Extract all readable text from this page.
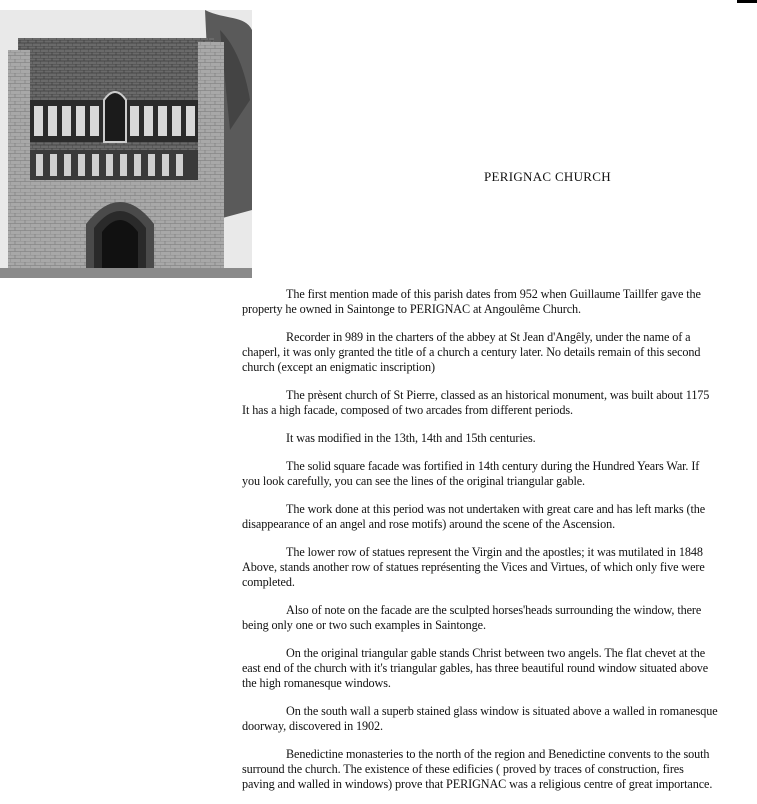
PERIGNAC CHURCH

The first mention made of this parish dates from 952 when Guillaume Taillfer gave the property he owned in Saintonge to PERIGNAC at Angoulême Church.

Recorder in 989 in the charters of the abbey at St Jean d'Angêly, under the name of a chaperl, it was only granted the title of a church a century later. No details remain of this second church (except an enigmatic inscription)

The prèsent church of St Pierre, classed as an historical monument, was built about 1175 It has a high facade, composed of two arcades from different periods.

It was modified in the 13th, 14th and 15th centuries.

The solid square facade was fortified in 14th century during the Hundred Years War. If you look carefully, you can see the lines of the original triangular gable.

The work done at this period was not undertaken with great care and has left marks (the disappearance of an angel and rose motifs) around the scene of the Ascension.

The lower row of statues represent the Virgin and the apostles; it was mutilated in 1848 Above, stands another row of statues représenting the Vices and Virtues, of which only five were completed.

Also of note on the facade are the sculpted horses'heads surrounding the window, there being only one or two such examples in Saintonge.

On the original triangular gable stands Christ between two angels. The flat chevet at the east end of the church with it's triangular gables, has three beautiful round window situated above the high romanesque windows.

On the south wall a superb stained glass window is situated above a walled in romanesque doorway, discovered in 1902.

Benedictine monasteries to the north of the region and Benedictine convents to the south surround the church. The existence of these edificies ( proved by traces of construction, fires paving and walled in windows) prove that PERIGNAC was a religious centre of great importance.
